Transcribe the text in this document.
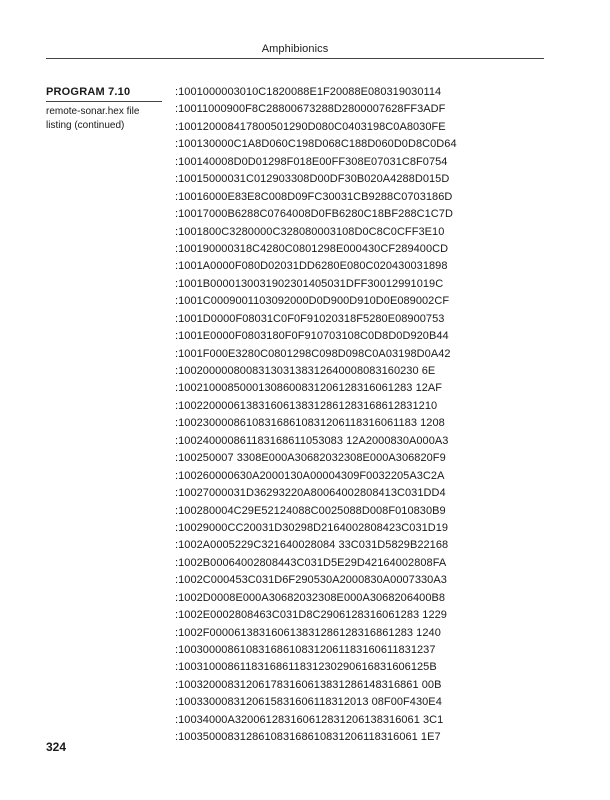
Amphibionics
PROGRAM 7.10
remote-sonar.hex file listing (continued)
:1001000003010C1820088E1F20088E080319030114
:10011000900F8C28800673288D2800007628FF3ADF
:100120008417800501290D080C0403198C0A8030FE
:100130000C1A8D060C198D068C188D060D0D8C0D64
:100140008D0D01298F018E00FF308E07031C8F0754
:10015000031C012903308D00DF30B020A4288D015D
:10016000E83E8C008D09FC30031CB9288C0703186D
:10017000B6288C0764008D0FB6280C18BF288C1C7D
:1001800C3280000C328080003108D0C8C0CFF3E10
:100190000318C4280C0801298E000430CF289400CD
:1001A0000F080D02031DD6280E080C020430031898
:1001B0000130031902301405031DFF30012991019C
:1001C0009001103092000D0D900D910D0E089002CF
:1001D0000F08031C0F0F91020318F5280E08900753
:1001E0000F0803180F0F910703108C0D8D0D920B44
:1001F000E3280C0801298C098D098C0A03198D0A42
:100200000800831303138312640008083160230 6E
:10021000850001308600831206128316061283 12AF
:100220000613831606138312861283168612831210
:100230000861083168610831206118316061183 1208
:100240000861183168611053083 12A2000830A000A3
:100250007 3308E000A30682032308E000A306820F9
:100260000630A2000130A00004309F0032205A3C2A
:10027000031D36293220A80064002808413C031DD4
:100280004C29E52124088C0025088D008F010830B9
:10029000CC20031D30298D2164002808423C031D19
:1002A0005229C321640028084 33C031D5829B22168
:1002B00064002808443C031D5E29D42164002808FA
:1002C000453C031D6F290530A2000830A0007330A3
:1002D0008E000A30682032308E000A3068206400B8
:1002E0002808463C031D8C2906128316061283 1229
:1002F000061383160613831286128316861283 1240
:100300008610831686108312061183160611831237
:10031000861183168611831230290616831606125B
:100320008312061783160613831286148316861 00B
:1003300083120615831606118312013 08F00F430E4
:10034000A320061283160612831206138316061 3C1
:100350008312861083168610831206118316061 1E7
324
